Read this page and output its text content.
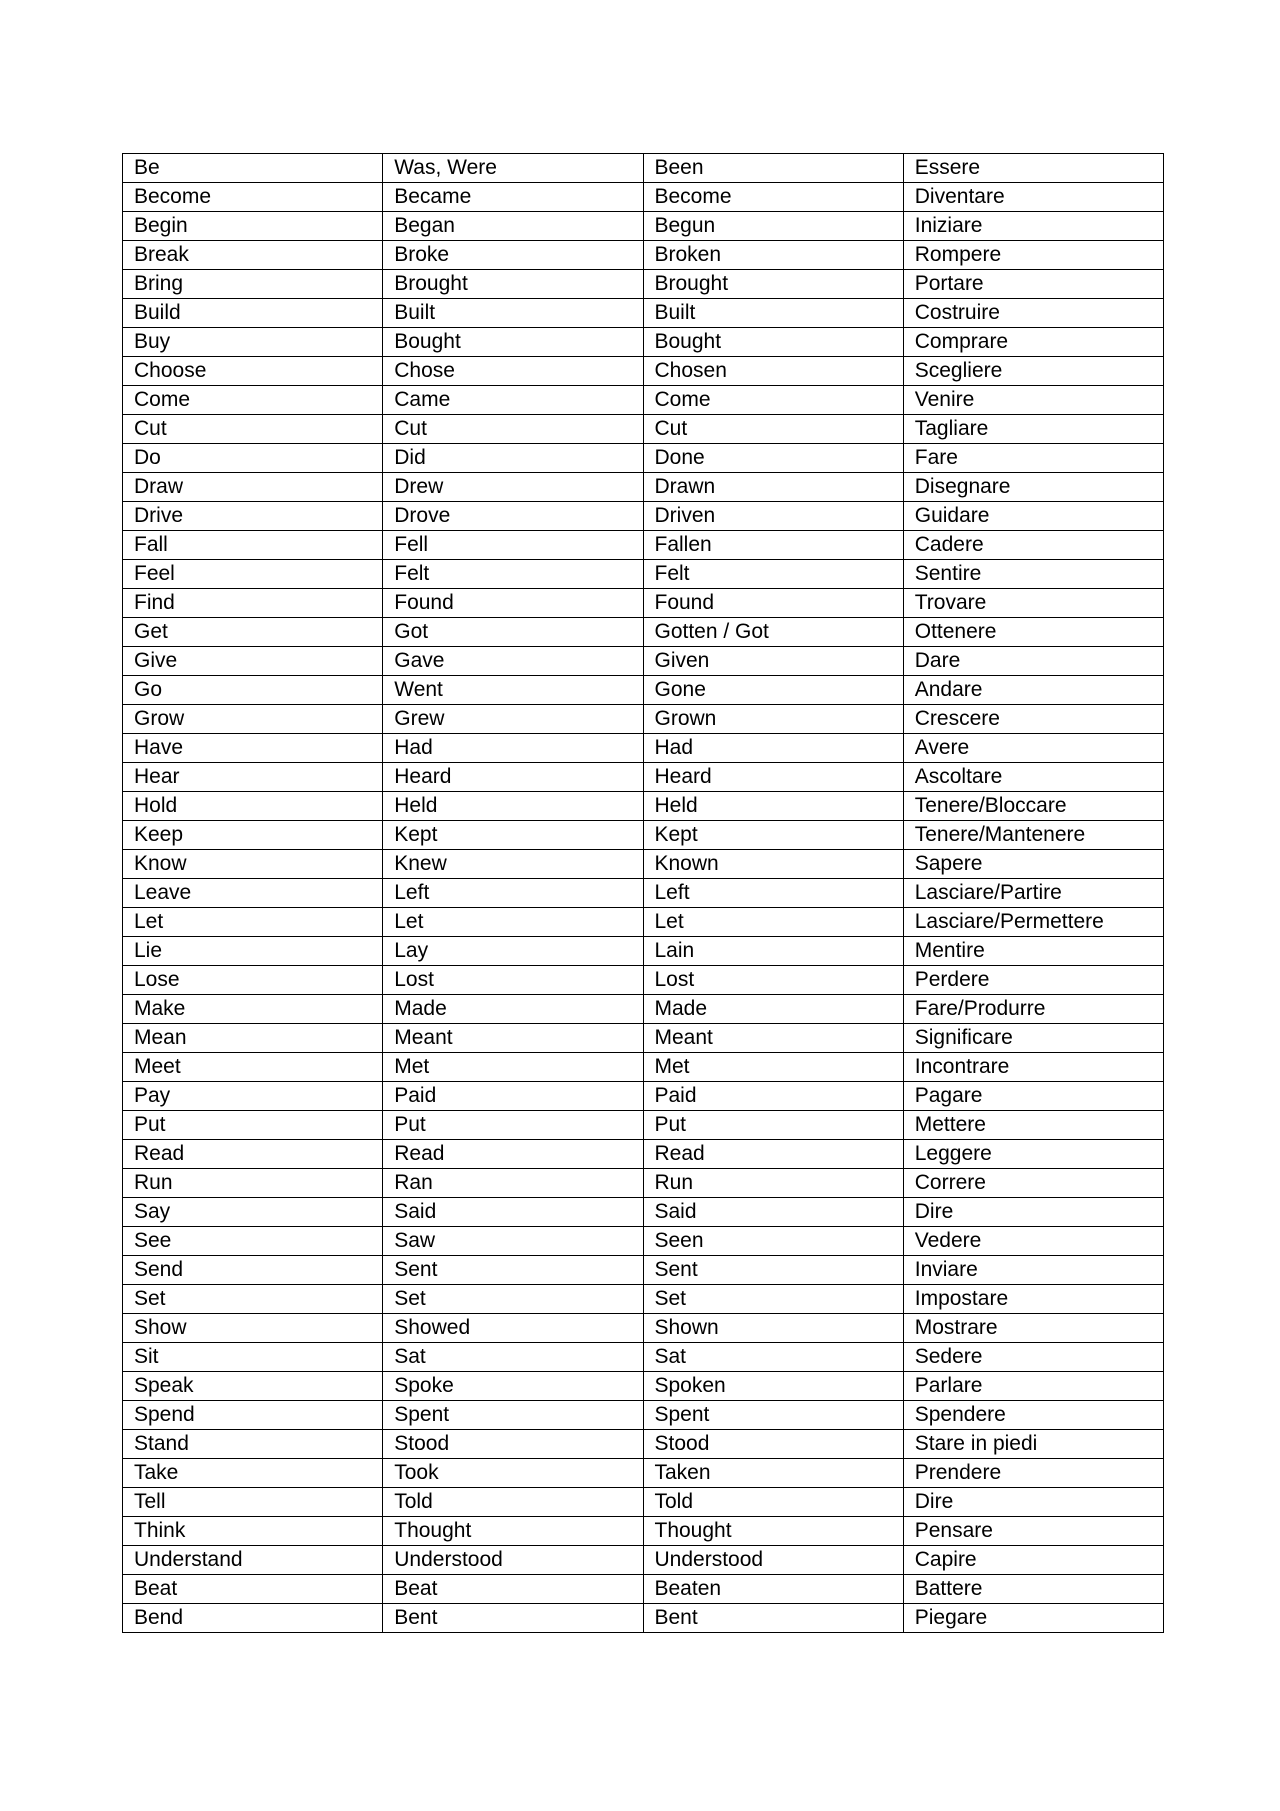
Be	Was, Were	Been	Essere
Become	Became	Become	Diventare
Begin	Began	Begun	Iniziare
Break	Broke	Broken	Rompere
Bring	Brought	Brought	Portare
Build	Built	Built	Costruire
Buy	Bought	Bought	Comprare
Choose	Chose	Chosen	Scegliere
Come	Came	Come	Venire
Cut	Cut	Cut	Tagliare
Do	Did	Done	Fare
Draw	Drew	Drawn	Disegnare
Drive	Drove	Driven	Guidare
Fall	Fell	Fallen	Cadere
Feel	Felt	Felt	Sentire
Find	Found	Found	Trovare
Get	Got	Gotten / Got	Ottenere
Give	Gave	Given	Dare
Go	Went	Gone	Andare
Grow	Grew	Grown	Crescere
Have	Had	Had	Avere
Hear	Heard	Heard	Ascoltare
Hold	Held	Held	Tenere/Bloccare
Keep	Kept	Kept	Tenere/Mantenere
Know	Knew	Known	Sapere
Leave	Left	Left	Lasciare/Partire
Let	Let	Let	Lasciare/Permettere
Lie	Lay	Lain	Mentire
Lose	Lost	Lost	Perdere
Make	Made	Made	Fare/Produrre
Mean	Meant	Meant	Significare
Meet	Met	Met	Incontrare
Pay	Paid	Paid	Pagare
Put	Put	Put	Mettere
Read	Read	Read	Leggere
Run	Ran	Run	Correre
Say	Said	Said	Dire
See	Saw	Seen	Vedere
Send	Sent	Sent	Inviare
Set	Set	Set	Impostare
Show	Showed	Shown	Mostrare
Sit	Sat	Sat	Sedere
Speak	Spoke	Spoken	Parlare
Spend	Spent	Spent	Spendere
Stand	Stood	Stood	Stare in piedi
Take	Took	Taken	Prendere
Tell	Told	Told	Dire
Think	Thought	Thought	Pensare
Understand	Understood	Understood	Capire
Beat	Beat	Beaten	Battere
Bend	Bent	Bent	Piegare
